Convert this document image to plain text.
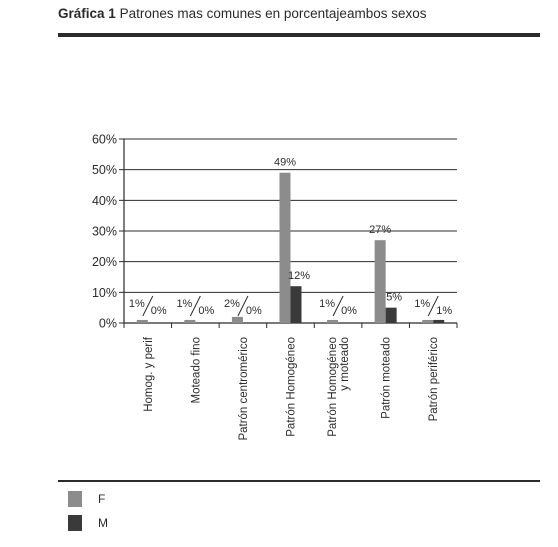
Gráfica 1 Patrones mas comunes en porcentajeambos sexos
0%
10%
20%
30%
40%
50%
60%
1%
0%
Homog. y perif
1%
0%
Moteado fino
2%
0%
Patrón centromérico
49%
12%
Patrón Homogéneo
1%
0%
Patrón Homogéneo y moteado
27%
5%
Patrón moteado
1%
1%
Patrón periférico
F
M
